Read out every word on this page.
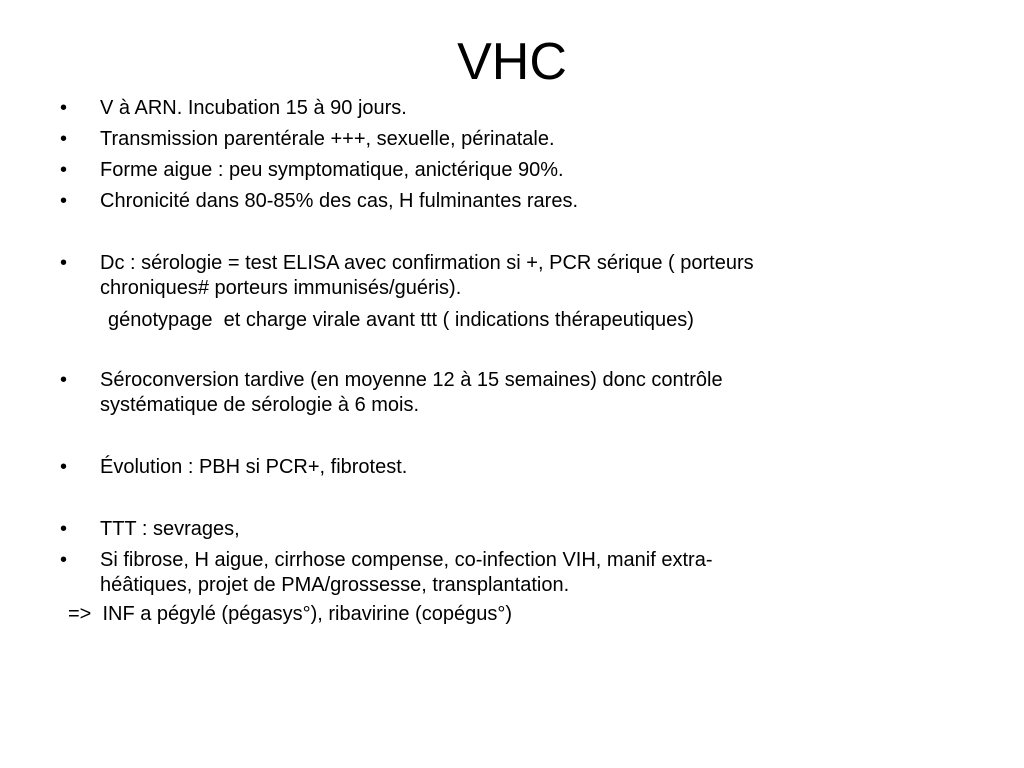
VHC
• V à ARN. Incubation 15 à 90 jours.
• Transmission parentérale +++, sexuelle, périnatale.
• Forme aigue : peu symptomatique, anictérique 90%.
• Chronicité dans 80-85% des cas, H fulminantes rares.
• Dc : sérologie = test ELISA avec confirmation si +, PCR sérique ( porteurs
chroniques# porteurs immunisés/guéris).
génotypage  et charge virale avant ttt ( indications thérapeutiques)
• Séroconversion tardive (en moyenne 12 à 15 semaines) donc contrôle
systématique de sérologie à 6 mois.
• Évolution : PBH si PCR+, fibrotest.
• TTT : sevrages,
• Si fibrose, H aigue, cirrhose compense, co-infection VIH, manif extra-
héâtiques, projet de PMA/grossesse, transplantation.
=>  INF a pégylé (pégasys°), ribavirine (copégus°)
